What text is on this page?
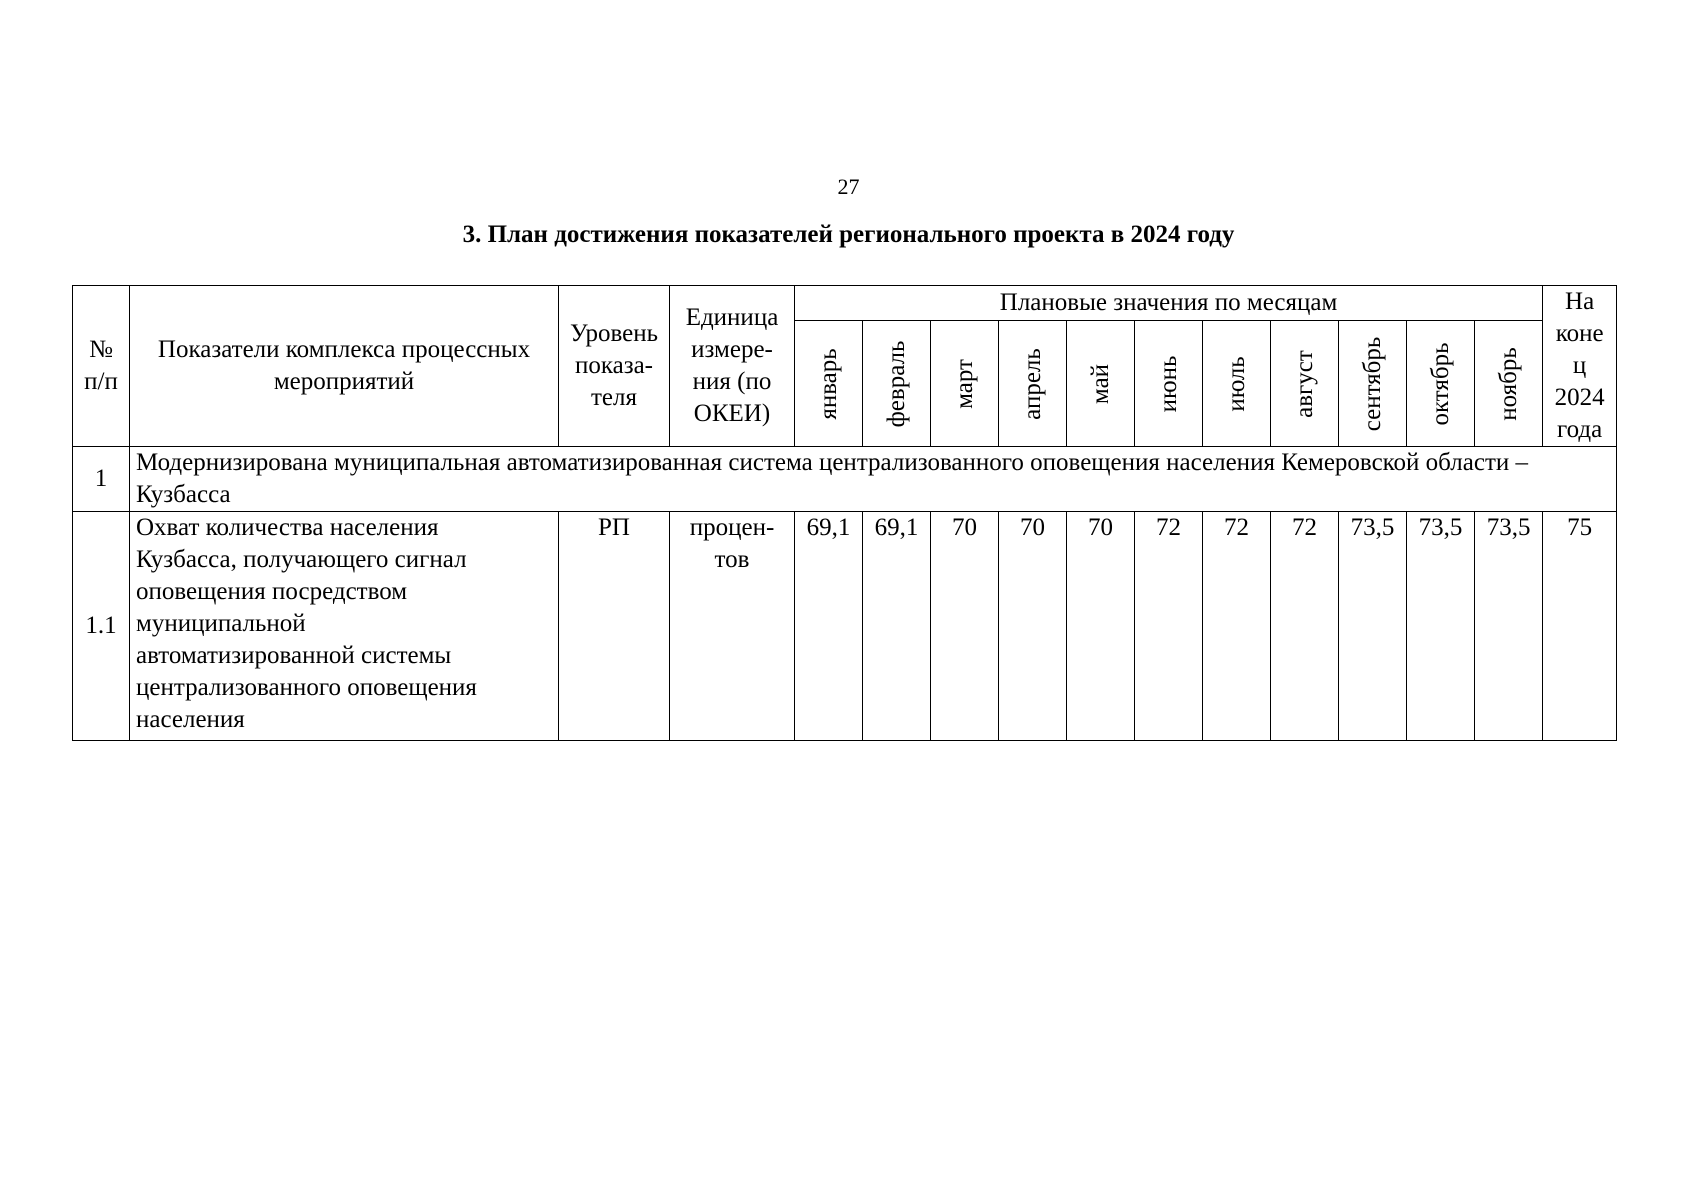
27
3. План достижения показателей регионального проекта в 2024 году
№ п/п	Показатели комплекса процессных мероприятий	Уровень показа-теля	Единица измере-ния (по ОКЕИ)	Плановые значения по месяцам											На коне ц 2024 года

				январь	февраль	март	апрель	май	июнь	июль	август	сентябрь	октябрь	ноябрь	

1	Модернизирована муниципальная автоматизированная система централизованного оповещения населения Кемеровской области – Кузбасса														
1.1	Охват количества населения Кузбасса, получающего сигнал оповещения посредством муниципальной автоматизированной системы централизованного оповещения населения	РП	процен-тов	69,1	69,1	70	70	70	72	72	72	73,5	73,5	73,5	75
